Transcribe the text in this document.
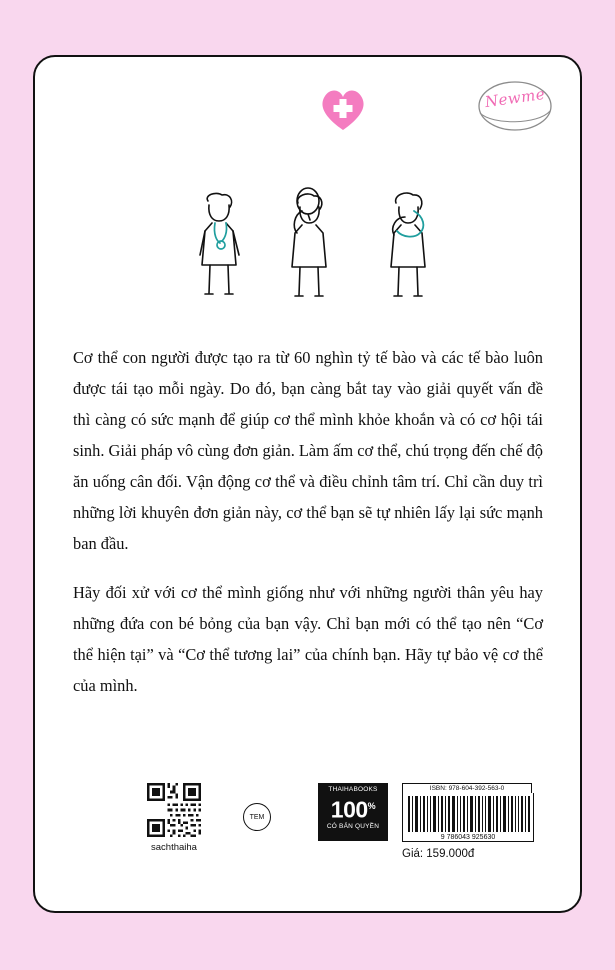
Newme

Cơ thể con người được tạo ra từ 60 nghìn tỷ tế bào và các tế bào luôn được tái tạo mỗi ngày. Do đó, bạn càng bắt tay vào giải quyết vấn đề thì càng có sức mạnh để giúp cơ thể mình khỏe khoắn và có cơ hội tái sinh. Giải pháp vô cùng đơn giản. Làm ấm cơ thể, chú trọng đến chế độ ăn uống cân đối. Vận động cơ thể và điều chỉnh tâm trí. Chỉ cần duy trì những lời khuyên đơn giản này, cơ thể bạn sẽ tự nhiên lấy lại sức mạnh ban đầu.

Hãy đối xử với cơ thể mình giống như với những người thân yêu hay những đứa con bé bỏng của bạn vậy. Chỉ bạn mới có thể tạo nên “Cơ thể hiện tại” và “Cơ thể tương lai” của chính bạn. Hãy tự bảo vệ cơ thể của mình.

sachthaiha
TEM
THAIHABOOKS
100%
CÓ BẢN QUYỀN
ISBN: 978-604-392-563-0
9 786043 925630
Giá: 159.000đ
